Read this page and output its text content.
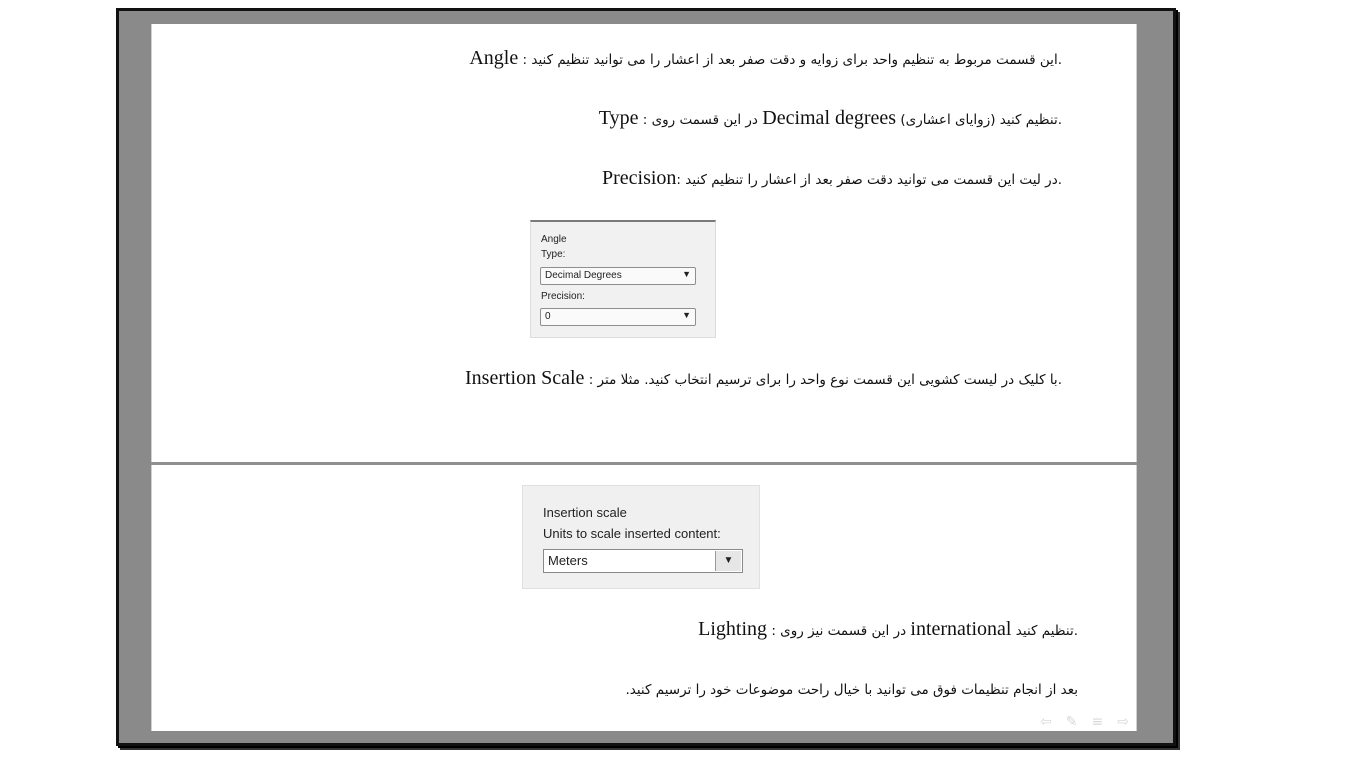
Angle : این قسمت مربوط به تنظیم واحد برای زوایه و دقت صفر بعد از اعشار را می توانید تنظیم کنید.
Type : در این قسمت روی Decimal degrees (زوایای اعشاری) تنظیم کنید.
Precision: در لیت این قسمت می توانید دقت صفر بعد از اعشار را تنظیم کنید.
Angle
Type:
Decimal Degrees	▼
Precision:
0	▼
Insertion Scale : با کلیک در لیست کشویی این قسمت نوع واحد را برای ترسیم انتخاب کنید. مثلا متر.
Insertion scale
Units to scale inserted content:
Meters	▼
Lighting : در این قسمت نیز روی international تنظیم کنید.
بعد از انجام تنظیمات فوق می توانید با خیال راحت موضوعات خود را ترسیم کنید.
⇦ ✎ ≡ ⇨
